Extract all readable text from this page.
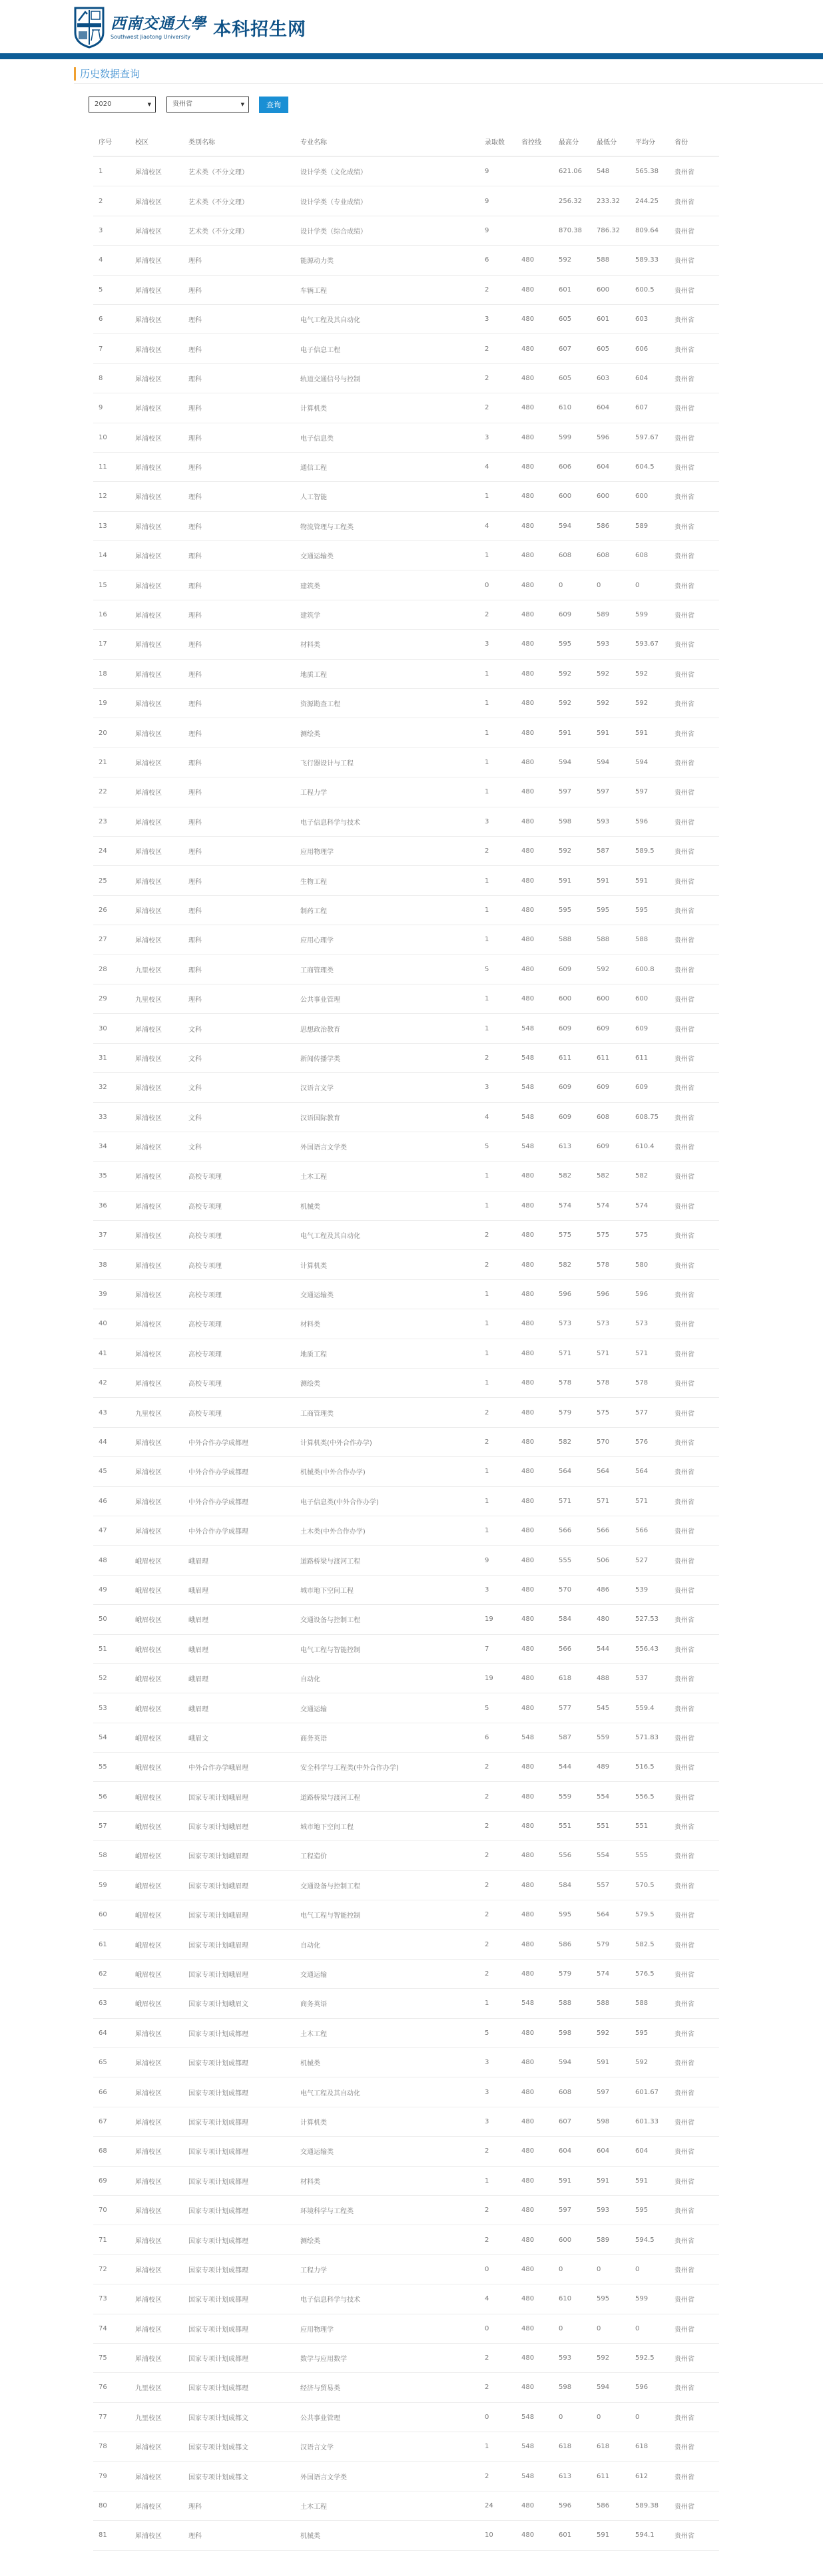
西南交通大學
Southwest Jiaotong University	本科招生网
历史数据查询
2020	▼	贵州省	▼	查询
序号	校区	类别名称	专业名称	录取数	省控线	最高分	最低分	平均分	省份
1	犀浦校区	艺术类（不分文理）	设计学类（文化成绩）	9		621.06	548	565.38	贵州省
2	犀浦校区	艺术类（不分文理）	设计学类（专业成绩）	9		256.32	233.32	244.25	贵州省
3	犀浦校区	艺术类（不分文理）	设计学类（综合成绩）	9		870.38	786.32	809.64	贵州省
4	犀浦校区	理科	能源动力类	6	480	592	588	589.33	贵州省
5	犀浦校区	理科	车辆工程	2	480	601	600	600.5	贵州省
6	犀浦校区	理科	电气工程及其自动化	3	480	605	601	603	贵州省
7	犀浦校区	理科	电子信息工程	2	480	607	605	606	贵州省
8	犀浦校区	理科	轨道交通信号与控制	2	480	605	603	604	贵州省
9	犀浦校区	理科	计算机类	2	480	610	604	607	贵州省
10	犀浦校区	理科	电子信息类	3	480	599	596	597.67	贵州省
11	犀浦校区	理科	通信工程	4	480	606	604	604.5	贵州省
12	犀浦校区	理科	人工智能	1	480	600	600	600	贵州省
13	犀浦校区	理科	物流管理与工程类	4	480	594	586	589	贵州省
14	犀浦校区	理科	交通运输类	1	480	608	608	608	贵州省
15	犀浦校区	理科	建筑类	0	480	0	0	0	贵州省
16	犀浦校区	理科	建筑学	2	480	609	589	599	贵州省
17	犀浦校区	理科	材料类	3	480	595	593	593.67	贵州省
18	犀浦校区	理科	地质工程	1	480	592	592	592	贵州省
19	犀浦校区	理科	资源勘查工程	1	480	592	592	592	贵州省
20	犀浦校区	理科	测绘类	1	480	591	591	591	贵州省
21	犀浦校区	理科	飞行器设计与工程	1	480	594	594	594	贵州省
22	犀浦校区	理科	工程力学	1	480	597	597	597	贵州省
23	犀浦校区	理科	电子信息科学与技术	3	480	598	593	596	贵州省
24	犀浦校区	理科	应用物理学	2	480	592	587	589.5	贵州省
25	犀浦校区	理科	生物工程	1	480	591	591	591	贵州省
26	犀浦校区	理科	制药工程	1	480	595	595	595	贵州省
27	犀浦校区	理科	应用心理学	1	480	588	588	588	贵州省
28	九里校区	理科	工商管理类	5	480	609	592	600.8	贵州省
29	九里校区	理科	公共事业管理	1	480	600	600	600	贵州省
30	犀浦校区	文科	思想政治教育	1	548	609	609	609	贵州省
31	犀浦校区	文科	新闻传播学类	2	548	611	611	611	贵州省
32	犀浦校区	文科	汉语言文学	3	548	609	609	609	贵州省
33	犀浦校区	文科	汉语国际教育	4	548	609	608	608.75	贵州省
34	犀浦校区	文科	外国语言文学类	5	548	613	609	610.4	贵州省
35	犀浦校区	高校专项理	土木工程	1	480	582	582	582	贵州省
36	犀浦校区	高校专项理	机械类	1	480	574	574	574	贵州省
37	犀浦校区	高校专项理	电气工程及其自动化	2	480	575	575	575	贵州省
38	犀浦校区	高校专项理	计算机类	2	480	582	578	580	贵州省
39	犀浦校区	高校专项理	交通运输类	1	480	596	596	596	贵州省
40	犀浦校区	高校专项理	材料类	1	480	573	573	573	贵州省
41	犀浦校区	高校专项理	地质工程	1	480	571	571	571	贵州省
42	犀浦校区	高校专项理	测绘类	1	480	578	578	578	贵州省
43	九里校区	高校专项理	工商管理类	2	480	579	575	577	贵州省
44	犀浦校区	中外合作办学成都理	计算机类(中外合作办学)	2	480	582	570	576	贵州省
45	犀浦校区	中外合作办学成都理	机械类(中外合作办学)	1	480	564	564	564	贵州省
46	犀浦校区	中外合作办学成都理	电子信息类(中外合作办学)	1	480	571	571	571	贵州省
47	犀浦校区	中外合作办学成都理	土木类(中外合作办学)	1	480	566	566	566	贵州省
48	峨眉校区	峨眉理	道路桥梁与渡河工程	9	480	555	506	527	贵州省
49	峨眉校区	峨眉理	城市地下空间工程	3	480	570	486	539	贵州省
50	峨眉校区	峨眉理	交通设备与控制工程	19	480	584	480	527.53	贵州省
51	峨眉校区	峨眉理	电气工程与智能控制	7	480	566	544	556.43	贵州省
52	峨眉校区	峨眉理	自动化	19	480	618	488	537	贵州省
53	峨眉校区	峨眉理	交通运输	5	480	577	545	559.4	贵州省
54	峨眉校区	峨眉文	商务英语	6	548	587	559	571.83	贵州省
55	峨眉校区	中外合作办学峨眉理	安全科学与工程类(中外合作办学)	2	480	544	489	516.5	贵州省
56	峨眉校区	国家专项计划峨眉理	道路桥梁与渡河工程	2	480	559	554	556.5	贵州省
57	峨眉校区	国家专项计划峨眉理	城市地下空间工程	2	480	551	551	551	贵州省
58	峨眉校区	国家专项计划峨眉理	工程造价	2	480	556	554	555	贵州省
59	峨眉校区	国家专项计划峨眉理	交通设备与控制工程	2	480	584	557	570.5	贵州省
60	峨眉校区	国家专项计划峨眉理	电气工程与智能控制	2	480	595	564	579.5	贵州省
61	峨眉校区	国家专项计划峨眉理	自动化	2	480	586	579	582.5	贵州省
62	峨眉校区	国家专项计划峨眉理	交通运输	2	480	579	574	576.5	贵州省
63	峨眉校区	国家专项计划峨眉文	商务英语	1	548	588	588	588	贵州省
64	犀浦校区	国家专项计划成都理	土木工程	5	480	598	592	595	贵州省
65	犀浦校区	国家专项计划成都理	机械类	3	480	594	591	592	贵州省
66	犀浦校区	国家专项计划成都理	电气工程及其自动化	3	480	608	597	601.67	贵州省
67	犀浦校区	国家专项计划成都理	计算机类	3	480	607	598	601.33	贵州省
68	犀浦校区	国家专项计划成都理	交通运输类	2	480	604	604	604	贵州省
69	犀浦校区	国家专项计划成都理	材料类	1	480	591	591	591	贵州省
70	犀浦校区	国家专项计划成都理	环境科学与工程类	2	480	597	593	595	贵州省
71	犀浦校区	国家专项计划成都理	测绘类	2	480	600	589	594.5	贵州省
72	犀浦校区	国家专项计划成都理	工程力学	0	480	0	0	0	贵州省
73	犀浦校区	国家专项计划成都理	电子信息科学与技术	4	480	610	595	599	贵州省
74	犀浦校区	国家专项计划成都理	应用物理学	0	480	0	0	0	贵州省
75	犀浦校区	国家专项计划成都理	数学与应用数学	2	480	593	592	592.5	贵州省
76	九里校区	国家专项计划成都理	经济与贸易类	2	480	598	594	596	贵州省
77	九里校区	国家专项计划成都文	公共事业管理	0	548	0	0	0	贵州省
78	犀浦校区	国家专项计划成都文	汉语言文学	1	548	618	618	618	贵州省
79	犀浦校区	国家专项计划成都文	外国语言文学类	2	548	613	611	612	贵州省
80	犀浦校区	理科	土木工程	24	480	596	586	589.38	贵州省
81	犀浦校区	理科	机械类	10	480	601	591	594.1	贵州省
